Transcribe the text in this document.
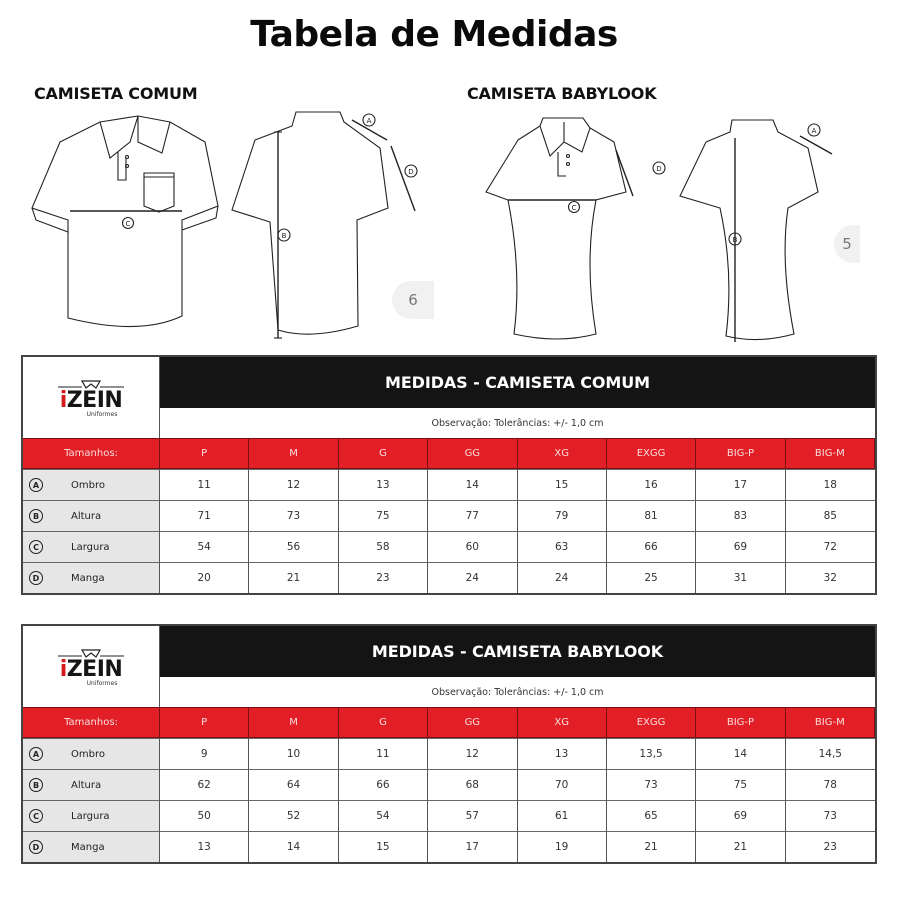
Tabela de Medidas
CAMISETA COMUM	CAMISETA BABYLOOK
C
B
A
D
6
C
D
B
A
5
iZEIN
Uniformes
MEDIDAS - CAMISETA COMUM
Observação: Tolerâncias: +/- 1,0 cm
Tamanhos:	P	M	G	GG	XG	EXGG	BIG-P	BIG-M
A	Ombro	11	12	13	14	15	16	17	18
B	Altura	71	73	75	77	79	81	83	85
C	Largura	54	56	58	60	63	66	69	72
D	Manga	20	21	23	24	24	25	31	32
iZEIN
Uniformes
MEDIDAS - CAMISETA BABYLOOK
Observação: Tolerâncias: +/- 1,0 cm
Tamanhos:	P	M	G	GG	XG	EXGG	BIG-P	BIG-M
A	Ombro	9	10	11	12	13	13,5	14	14,5
B	Altura	62	64	66	68	70	73	75	78
C	Largura	50	52	54	57	61	65	69	73
D	Manga	13	14	15	17	19	21	21	23
